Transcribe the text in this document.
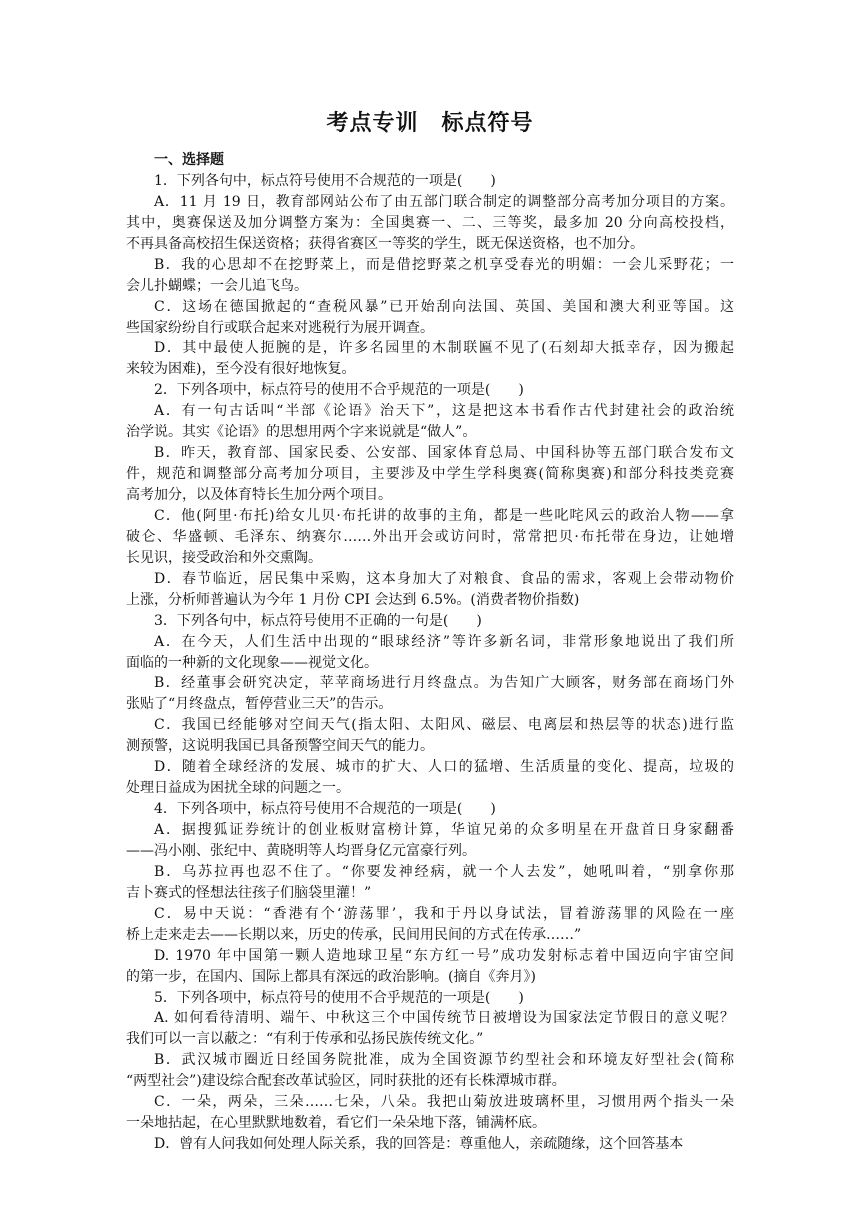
考点专训　标点符号
一、选择题
1．下列各句中，标点符号使用不合规范的一项是(　　)
A．11 月 19 日，教育部网站公布了由五部门联合制定的调整部分高考加分项目的方案。
其中，奥赛保送及加分调整方案为：全国奥赛一、二、三等奖，最多加 20 分向高校投档，
不再具备高校招生保送资格；获得省赛区一等奖的学生，既无保送资格，也不加分。
B．我的心思却不在挖野菜上，而是借挖野菜之机享受春光的明媚：一会儿采野花；一
会儿扑蝴蝶；一会儿追飞鸟。
C．这场在德国掀起的“查税风暴”已开始刮向法国、英国、美国和澳大利亚等国。这
些国家纷纷自行或联合起来对逃税行为展开调查。
D．其中最使人扼腕的是，许多名园里的木制联匾不见了(石刻却大抵幸存，因为搬起
来较为困难)，至今没有很好地恢复。
2．下列各项中，标点符号的使用不合乎规范的一项是(　　)
A．有一句古话叫“半部《论语》治天下”，这是把这本书看作古代封建社会的政治统
治学说。其实《论语》的思想用两个字来说就是“做人”。
B．昨天，教育部、国家民委、公安部、国家体育总局、中国科协等五部门联合发布文
件，规范和调整部分高考加分项目，主要涉及中学生学科奥赛(简称奥赛)和部分科技类竞赛
高考加分，以及体育特长生加分两个项目。
C．他(阿里·布托)给女儿贝·布托讲的故事的主角，都是一些叱咤风云的政治人物——拿
破仑、华盛顿、毛泽东、纳赛尔……外出开会或访问时，常常把贝·布托带在身边，让她增
长见识，接受政治和外交熏陶。
D．春节临近，居民集中采购，这本身加大了对粮食、食品的需求，客观上会带动物价
上涨，分析师普遍认为今年 1 月份 CPI 会达到 6.5%。(消费者物价指数)
3．下列各句中，标点符号使用不正确的一句是(　　)
A．在今天，人们生活中出现的“眼球经济”等许多新名词，非常形象地说出了我们所
面临的一种新的文化现象——视觉文化。
B．经董事会研究决定，苹苹商场进行月终盘点。为告知广大顾客，财务部在商场门外
张贴了“月终盘点，暂停营业三天”的告示。
C．我国已经能够对空间天气(指太阳、太阳风、磁层、电离层和热层等的状态)进行监
测预警，这说明我国已具备预警空间天气的能力。
D．随着全球经济的发展、城市的扩大、人口的猛增、生活质量的变化、提高，垃圾的
处理日益成为困扰全球的问题之一。
4．下列各项中，标点符号使用不合规范的一项是(　　)
A．据搜狐证券统计的创业板财富榜计算，华谊兄弟的众多明星在开盘首日身家翻番
——冯小刚、张纪中、黄晓明等人均晋身亿元富豪行列。
B．乌苏拉再也忍不住了。“你要发神经病，就一个人去发”，她吼叫着，“别拿你那
吉卜赛式的怪想法往孩子们脑袋里灌！”
C．易中天说：“香港有个‘游荡罪’，我和于丹以身试法，冒着游荡罪的风险在一座
桥上走来走去——长期以来，历史的传承，民间用民间的方式在传承……”
D. 1970 年中国第一颗人造地球卫星“东方红一号”成功发射标志着中国迈向宇宙空间
的第一步，在国内、国际上都具有深远的政治影响。(摘自《奔月》)
5．下列各项中，标点符号的使用不合乎规范的一项是(　　)
A. 如何看待清明、端午、中秋这三个中国传统节日被增设为国家法定节假日的意义呢？
我们可以一言以蔽之：“有利于传承和弘扬民族传统文化。”
B．武汉城市圈近日经国务院批准，成为全国资源节约型社会和环境友好型社会(简称
“两型社会”)建设综合配套改革试验区，同时获批的还有长株潭城市群。
C．一朵，两朵，三朵……七朵，八朵。我把山菊放进玻璃杯里，习惯用两个指头一朵
一朵地拈起，在心里默默地数着，看它们一朵朵地下落，铺满杯底。
D．曾有人问我如何处理人际关系，我的回答是：尊重他人，亲疏随缘，这个回答基本
